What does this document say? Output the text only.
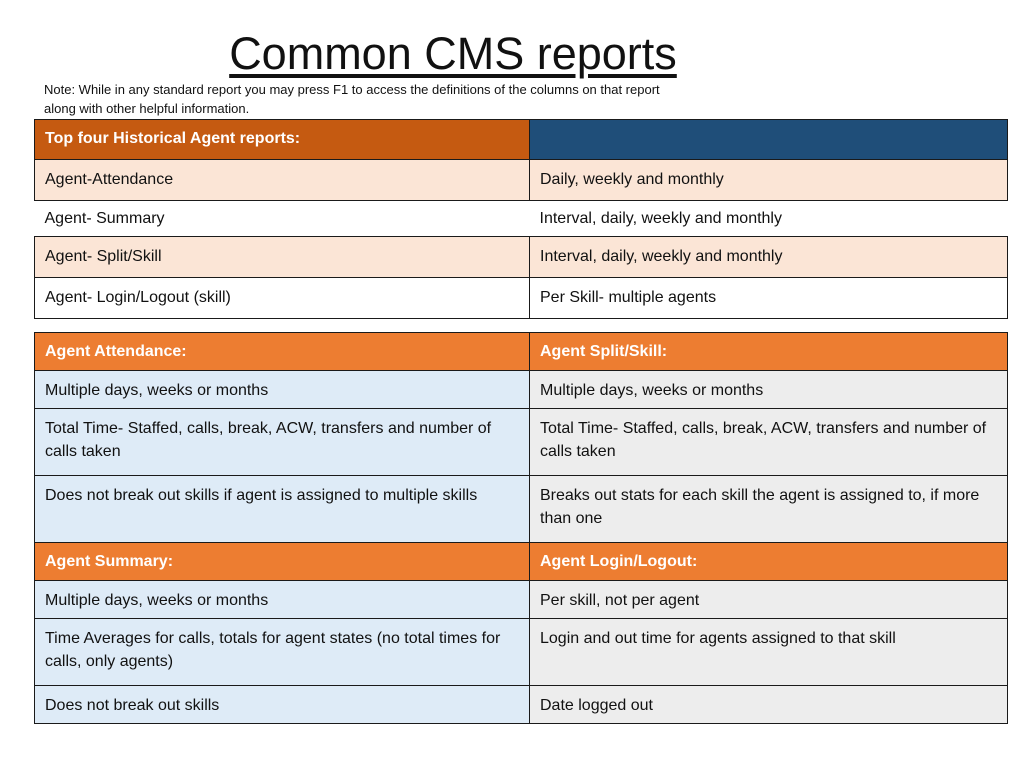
Common CMS reports
Note: While in any standard report you may press F1 to access the definitions of the columns on that report along with other helpful information.
Top four Historical Agent reports:	
Agent-Attendance	Daily, weekly and monthly
Agent- Summary	Interval, daily, weekly and monthly
Agent- Split/Skill	Interval, daily, weekly and monthly
Agent- Login/Logout (skill)	Per Skill- multiple agents
Agent Attendance:	Agent Split/Skill:
Multiple days, weeks or months	Multiple days, weeks or months
Total Time- Staffed, calls, break, ACW, transfers and number of calls taken	Total Time- Staffed, calls, break, ACW, transfers and number of calls taken
Does not break out skills if agent is assigned to multiple skills	Breaks out stats for each skill the agent is assigned to, if more than one
Agent Summary:	Agent Login/Logout:
Multiple days, weeks or months	Per skill, not per agent
Time Averages for calls, totals for agent states (no total times for calls, only agents)	Login and out time for agents assigned to that skill
Does not break out skills	Date logged out
